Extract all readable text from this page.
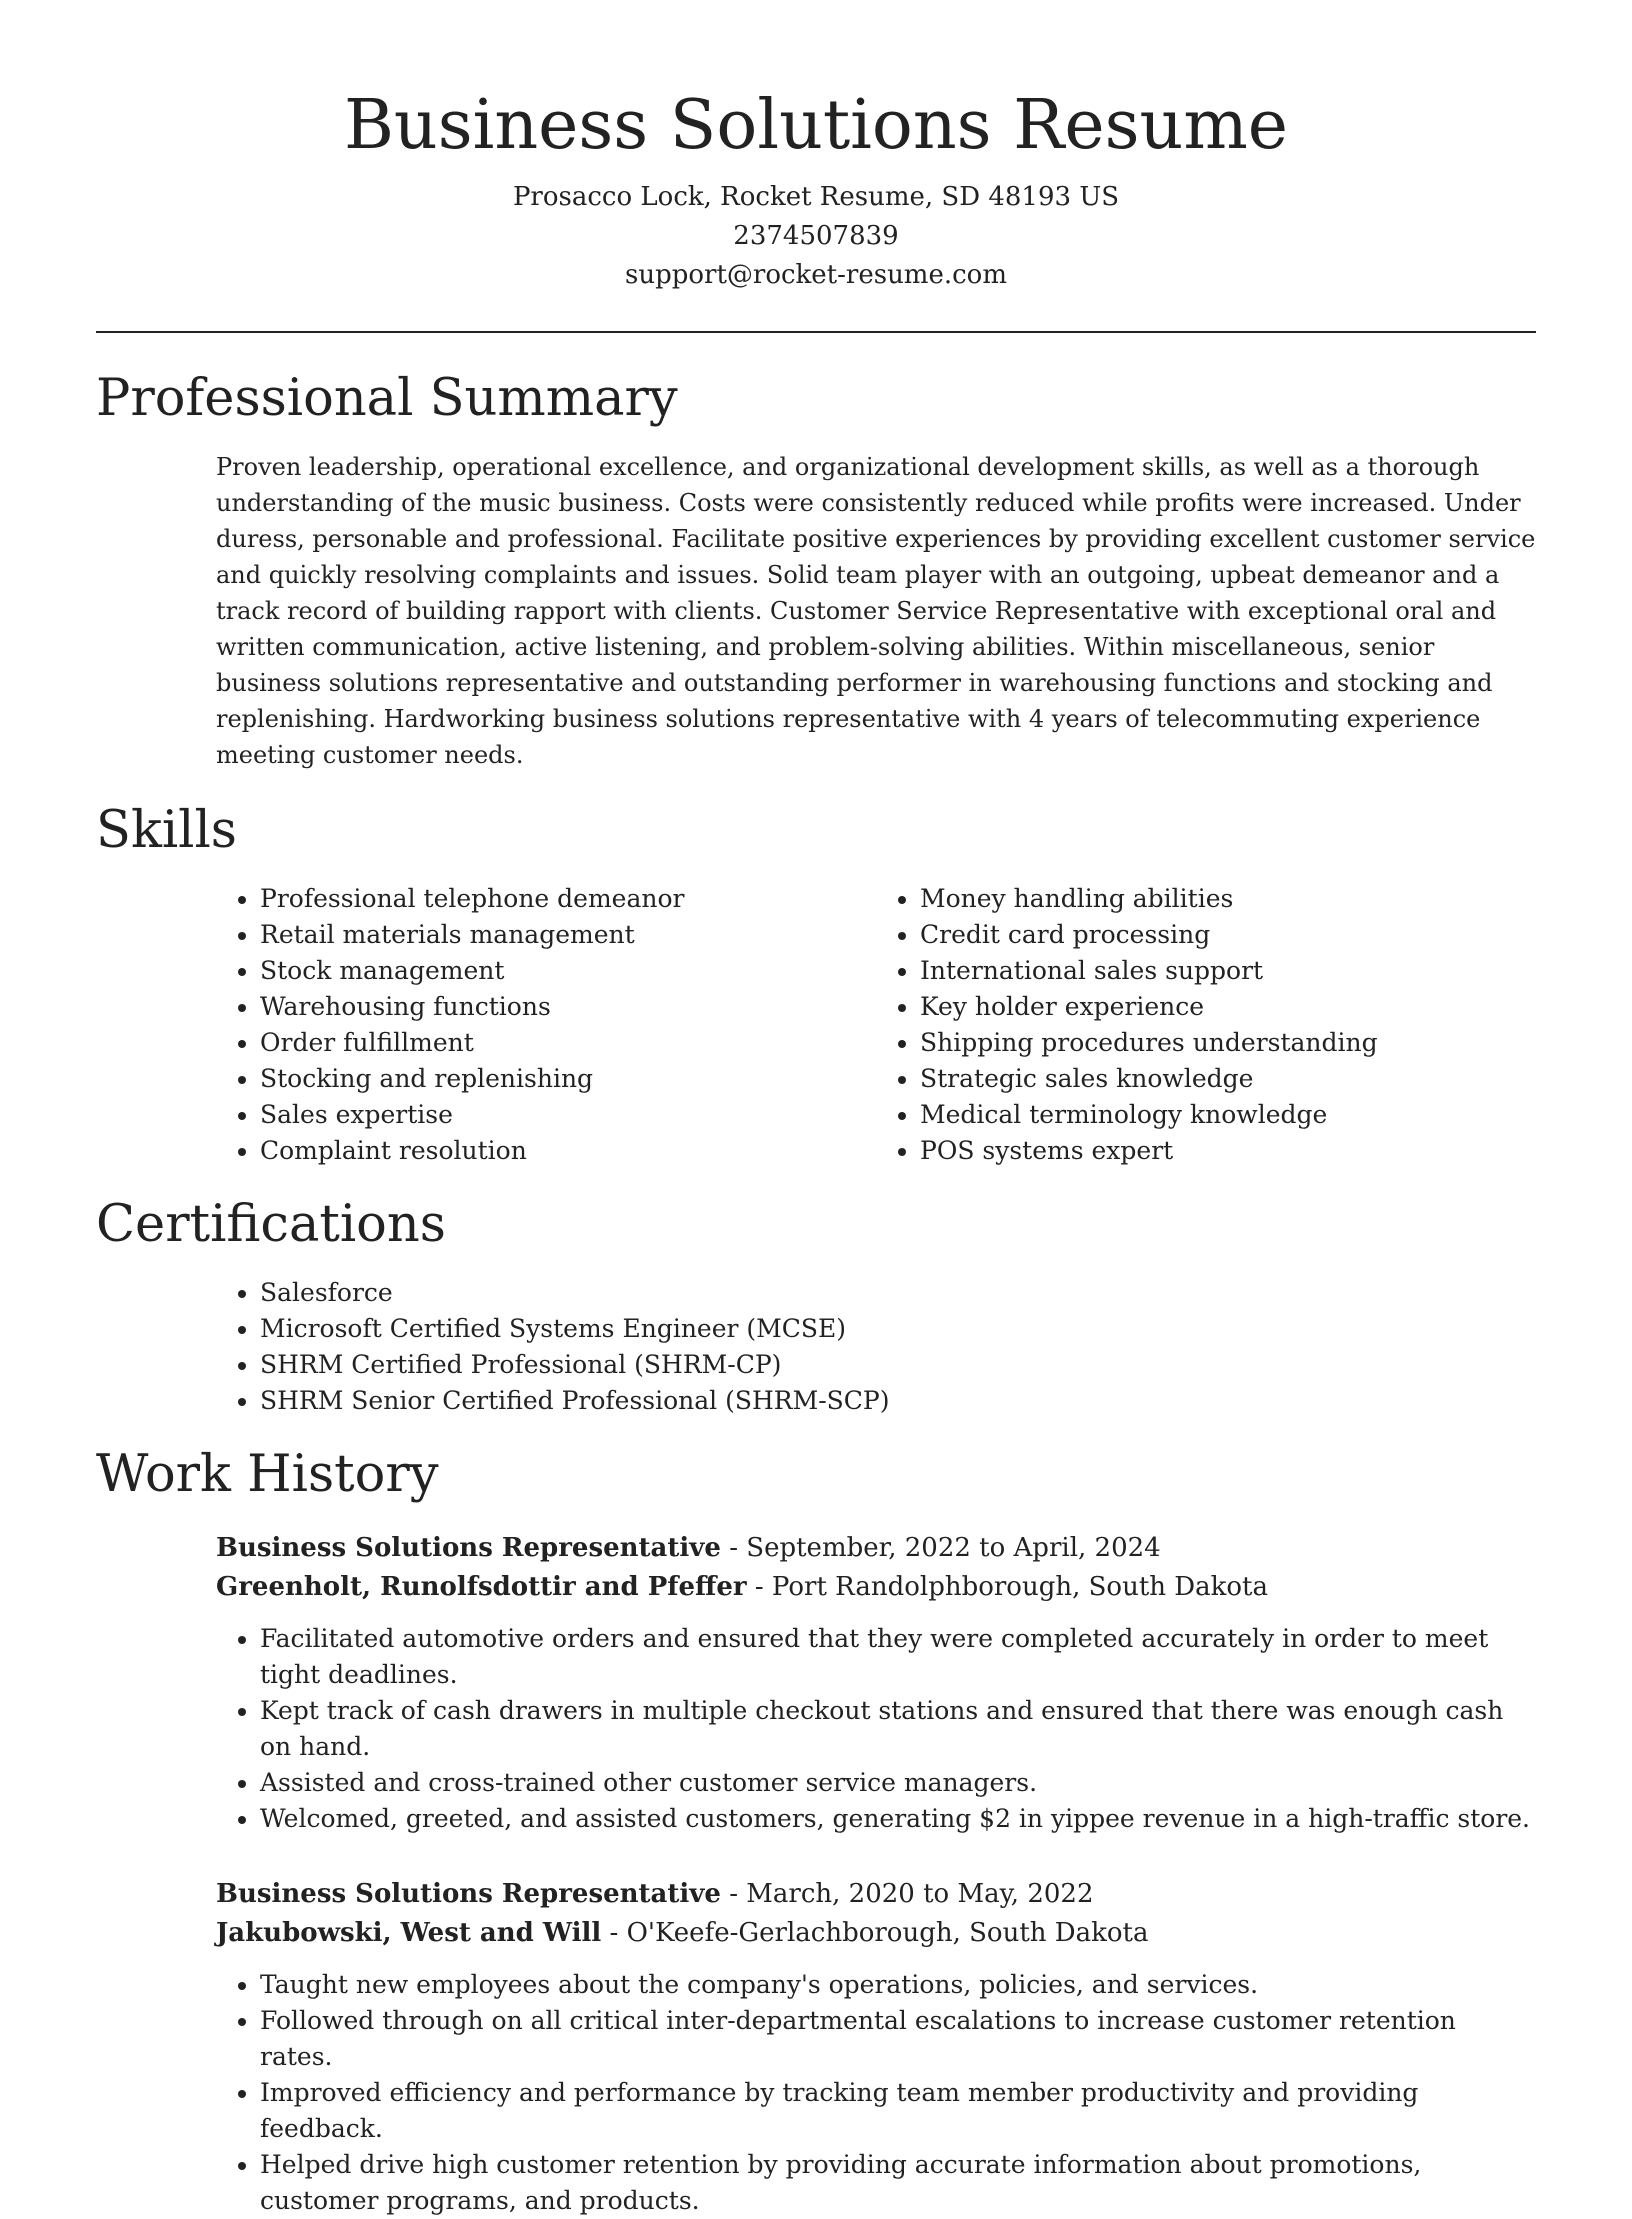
Business Solutions Resume
Prosacco Lock, Rocket Resume, SD 48193 US
2374507839
support@rocket-resume.com
Professional Summary

Proven leadership, operational excellence, and organizational development skills, as well as a thorough understanding of the music business. Costs were consistently reduced while profits were increased. Under duress, personable and professional. Facilitate positive experiences by providing excellent customer service and quickly resolving complaints and issues. Solid team player with an outgoing, upbeat demeanor and a track record of building rapport with clients. Customer Service Representative with exceptional oral and written communication, active listening, and problem-solving abilities. Within miscellaneous, senior business solutions representative and outstanding performer in warehousing functions and stocking and replenishing. Hardworking business solutions representative with 4 years of telecommuting experience meeting customer needs.

Skills
• Professional telephone demeanor
• Retail materials management
• Stock management
• Warehousing functions
• Order fulfillment
• Stocking and replenishing
• Sales expertise
• Complaint resolution
• Money handling abilities
• Credit card processing
• International sales support
• Key holder experience
• Shipping procedures understanding
• Strategic sales knowledge
• Medical terminology knowledge
• POS systems expert
Certifications
• Salesforce
• Microsoft Certified Systems Engineer (MCSE)
• SHRM Certified Professional (SHRM-CP)
• SHRM Senior Certified Professional (SHRM-SCP)
Work History
Business Solutions Representative - September, 2022 to April, 2024
Greenholt, Runolfsdottir and Pfeffer - Port Randolphborough, South Dakota
• Facilitated automotive orders and ensured that they were completed accurately in order to meet tight deadlines.
• Kept track of cash drawers in multiple checkout stations and ensured that there was enough cash on hand.
• Assisted and cross-trained other customer service managers.
• Welcomed, greeted, and assisted customers, generating $2 in yippee revenue in a high-traffic store.
Business Solutions Representative - March, 2020 to May, 2022
Jakubowski, West and Will - O'Keefe-Gerlachborough, South Dakota
• Taught new employees about the company's operations, policies, and services.
• Followed through on all critical inter-departmental escalations to increase customer retention rates.
• Improved efficiency and performance by tracking team member productivity and providing feedback.
• Helped drive high customer retention by providing accurate information about promotions, customer programs, and products.
